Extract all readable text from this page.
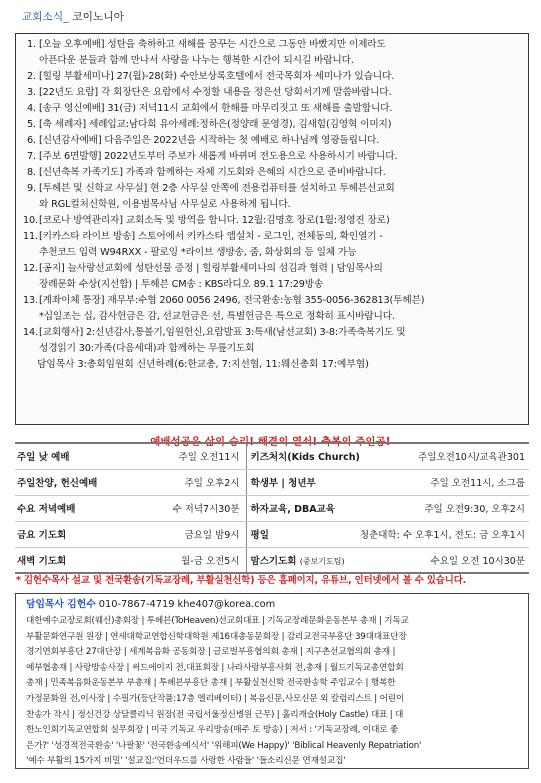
교회소식_ 코이노니아
1. [오늘 오후예배] 성탄을 축하하고 새해를 꿈꾸는 시간으로 그동안 바빴지만 이제라도
아픈다운 분들과 함께 만나서 사랑을 나누는 행복한 시간이 되시길 바랍니다.
2. [힐링 부활세미나] 27(월)-28(화) 수안보상록호텔에서 전국목회자 세미나가 있습니다.
3. [22년도 요람] 각 회장단은 요람에서 수정할 내용을 정은선 당회서기께 말씀바랍니다.
4. [송구 영신예배] 31(금) 저녁11시 교회에서 한해를 마무리짓고 또 새해를 출발합니다.
5. [축 세례자] 세례입교:남다희 유아세례:정하은(정양래 문영경), 김새힘(김영혁 이미지)
6. [신년감사예배] 다음주일은 2022년을 시작하는 첫 예배로 하나님께 영광돌립니다.
7. [주보 6면발행] 2022년도부터 주보가 새롭게 바뀌며 전도용으로 사용하시기 바랍니다.
8. [신년축복 가족기도] 가족과 함께하는 자체 기도회와 은혜의 시간으로 준비바랍니다.
9. [투헤븐 및 신학교 사무실] 현 2층 사무실 안쪽에 전용컴퓨터를 설치하고 투헤븐선교회
와 RGL컬처신학원, 이용범목사님 사무실로 사용하게 됩니다.
10. [코로나 방역관리자] 교회소독 및 방역을 합니다. 12월:김명호 장로(1월:정영진 장로)
11. [키카스타 라이브 방송] 스토어에서 키카스타 앱설치 - 로그인, 전체동의, 확인열기 -
추천코드 입력 W94RXX - 팔로잉 *라이브 생방송, 줌, 화상회의 등 일체 가능
12. [공지] 늘사랑선교회에 성탄선물 증정 | 힐링부활세미나의 섬김과 협력 | 담임목사의
장례문화 수상(지선합) | 투헤븐 CM송 : KBS라디오 89.1 17:29방송
13. [계좌이체 통장] 재무부:수협 2060 0056 2496, 전국환송:농협 355-0056-362813(투헤븐)
*십일조는 십, 감사헌금은 감, 선교헌금은 선, 특별헌금은 특으로 정확히 표시바랍니다.
14. [교회행사] 2:신년감사,통볼기,임원헌신,요람발표 3:특새(남선교회) 3-8:가족축복기도 및
성경읽기 30:가족(다음세대)과 함께하는 무릎기도회
담임목사 3:총회임원회 신년하례(6:한교총, 7:지선협, 11:웨신총회 17:예부협)
예배성공은 삶의 승리! 해결의 열쇠! 축복의 주인공!
주일 낮 예배	주일 오전11시	키즈처치(Kids Church)	주일오전10시/교육관301
주일찬양, 헌신예배	주일 오후2시	학생부 | 청년부	주일 오전11시, 소그룹
수요 저녁예배	수 저녁7시30분	하자교육, DBA교육	주일 오전9:30, 오후2시
금요 기도회	금요일 밤9시	평일	청춘대학: 수 오후1시, 전도: 금 오후1시
새벽 기도회	월-금 오전5시	맘스기도회 (중보기도팀)	수요일 오전 10시30분
* 김헌수목사 설교 및 전국환송(기독교장례, 부활실천신학) 등은 홈페이지, 유튜브, 인터넷에서 볼 수 있습니다.
담임목사 김헌수 010-7867-4719 khe407@korea.com
대한예수교장로회(웨신)총회장 | 투헤븐(ToHeaven)선교회대표 | 기독교장례문화운동본부 총재 | 기독교
부활문화연구원 원장 | 연세대학교연합신학대학원 제16대총동문회장 | 감리교전국부흥단 39대대표단장
경기연회부흥단 27대단장 | 세계복음화 공동회장 | 글로벌부흥협의회 총재 | 지구촌선교협의회 총재 |
예부협총재 | 사랑방송사장 | 써드에이지 전,대표회장 | 나라사랑부흥사회 전,총재 | 월드기독교총연합회
총재 | 민족복음화운동본부 부총재 | 투헤븐부흥단 총재 | 부활실천신학 전국환송학 주임교수 | 행복한
가정문화원 전,이사장 | 수필가(등단작품:17층 엘리베이터) | 복음신문,사모신문 외 칼럼리스트 | 어린이
찬송가 작시 | 정신건강 상담클리닉 원장(전 국립서울정신병원 근무) | 홀리캐슬(Holy Castle) 대표 | 대
한노인회기독교연합회 실무회장 | 미국 기독교 우리방송(매주 토 방송) | 저서 : '기독교장례, 이대로 좋
은가?' '성경적전국환송' '나팔꽃' '전국환송예식서' '위해피(We Happy)' 'Biblical Heavenly Repatriation'
'예수 부활의 15가지 비밀' '설교집:'언더우드를 사랑한 사람들' '들소리신문 연재설교집'
